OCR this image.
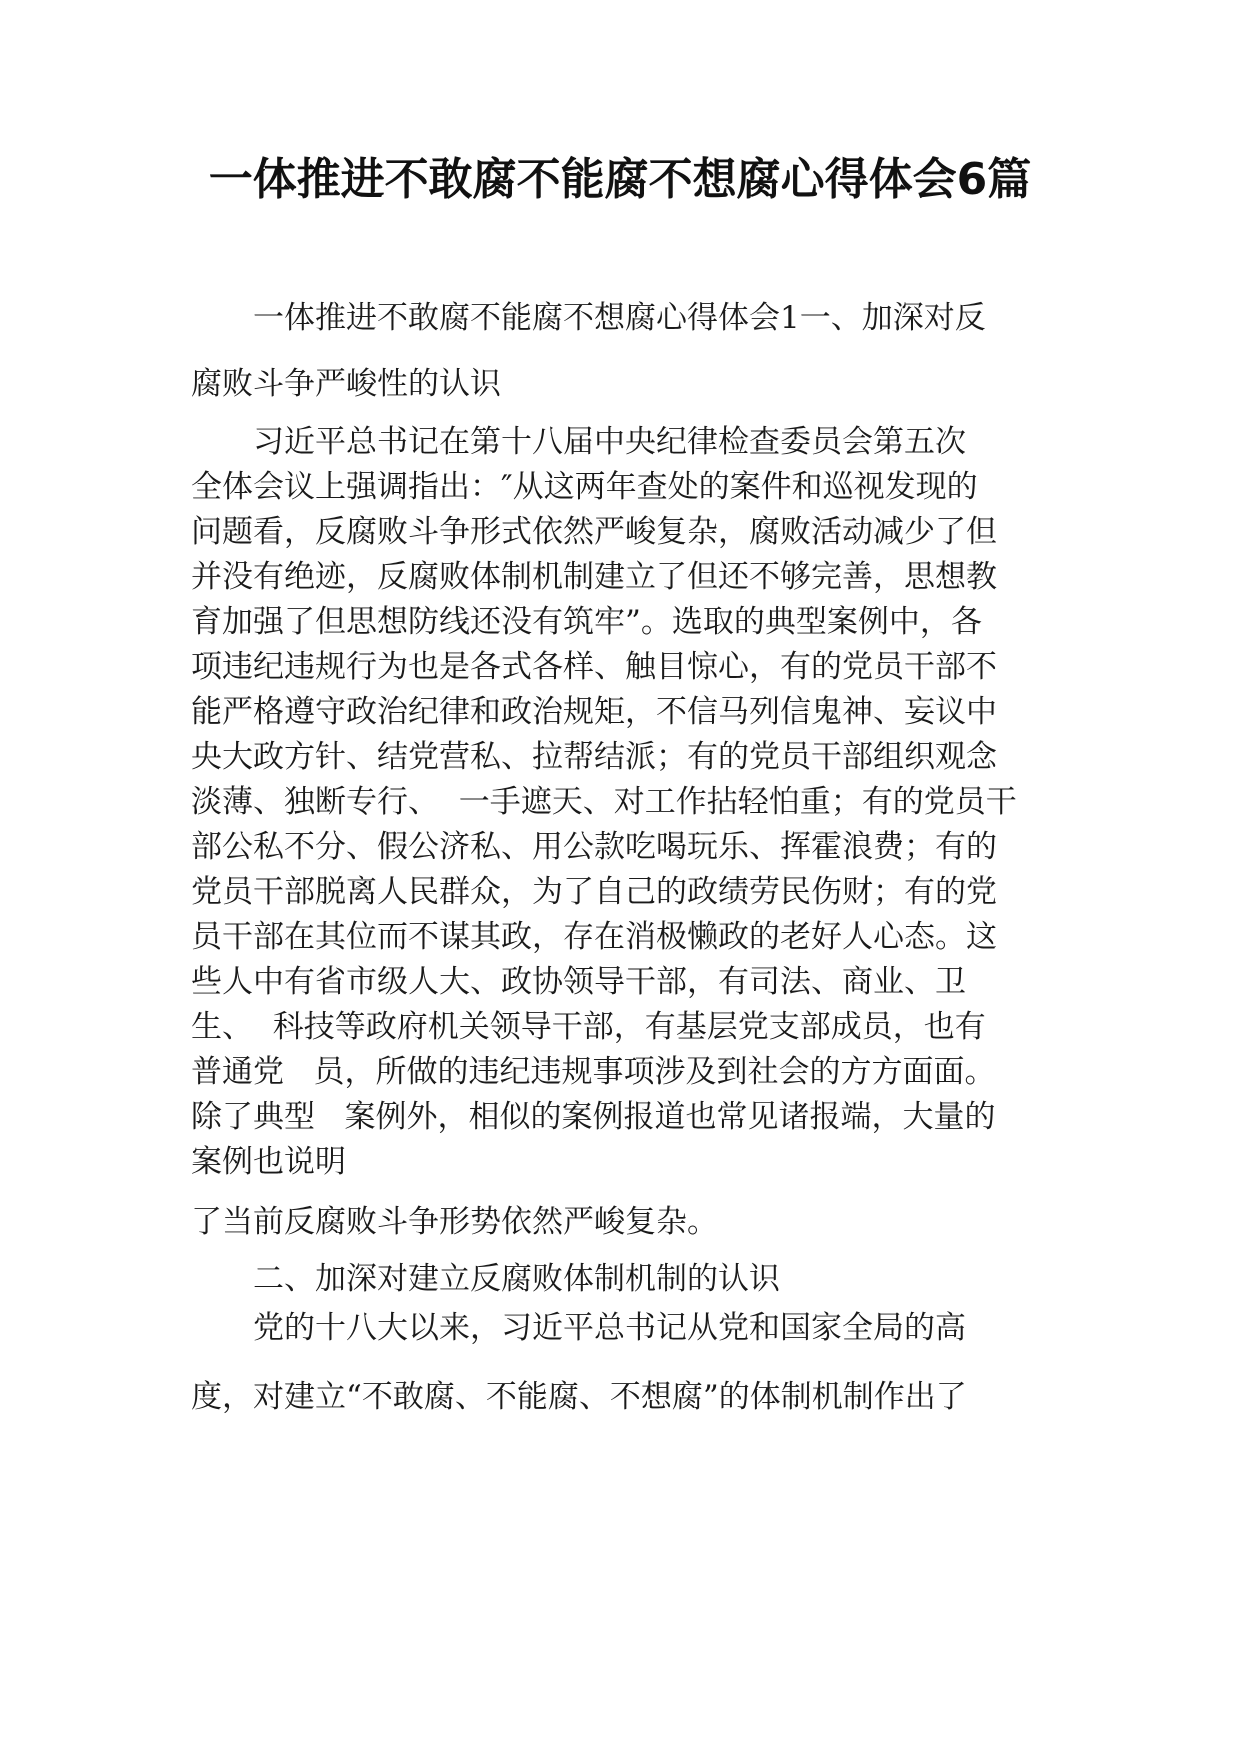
一体推进不敢腐不能腐不想腐心得体会6篇
一体推进不敢腐不能腐不想腐心得体会1一、加深对反
腐败斗争严峻性的认识
习近平总书记在第十八届中央纪律检查委员会第五次
全体会议上强调指出：″从这两年查处的案件和巡视发现的
问题看，反腐败斗争形式依然严峻复杂，腐败活动减少了但
并没有绝迹，反腐败体制机制建立了但还不够完善，思想教
育加强了但思想防线还没有筑牢”。选取的典型案例中，各
项违纪违规行为也是各式各样、触目惊心，有的党员干部不
能严格遵守政治纪律和政治规矩，不信马列信鬼神、妄议中
央大政方针、结党营私、拉帮结派；有的党员干部组织观念
淡薄、独断专行、  一手遮天、对工作拈轻怕重；有的党员干
部公私不分、假公济私、用公款吃喝玩乐、挥霍浪费；有的
党员干部脱离人民群众，为了自己的政绩劳民伤财；有的党
员干部在其位而不谋其政，存在消极懒政的老好人心态。这
些人中有省市级人大、政协领导干部，有司法、商业、卫
生、  科技等政府机关领导干部，有基层党支部成员，也有
普通党   员，所做的违纪违规事项涉及到社会的方方面面。
除了典型   案例外，相似的案例报道也常见诸报端，大量的
案例也说明
了当前反腐败斗争形势依然严峻复杂。
二、加深对建立反腐败体制机制的认识
党的十八大以来，习近平总书记从党和国家全局的高
度，对建立“不敢腐、不能腐、不想腐”的体制机制作出了
